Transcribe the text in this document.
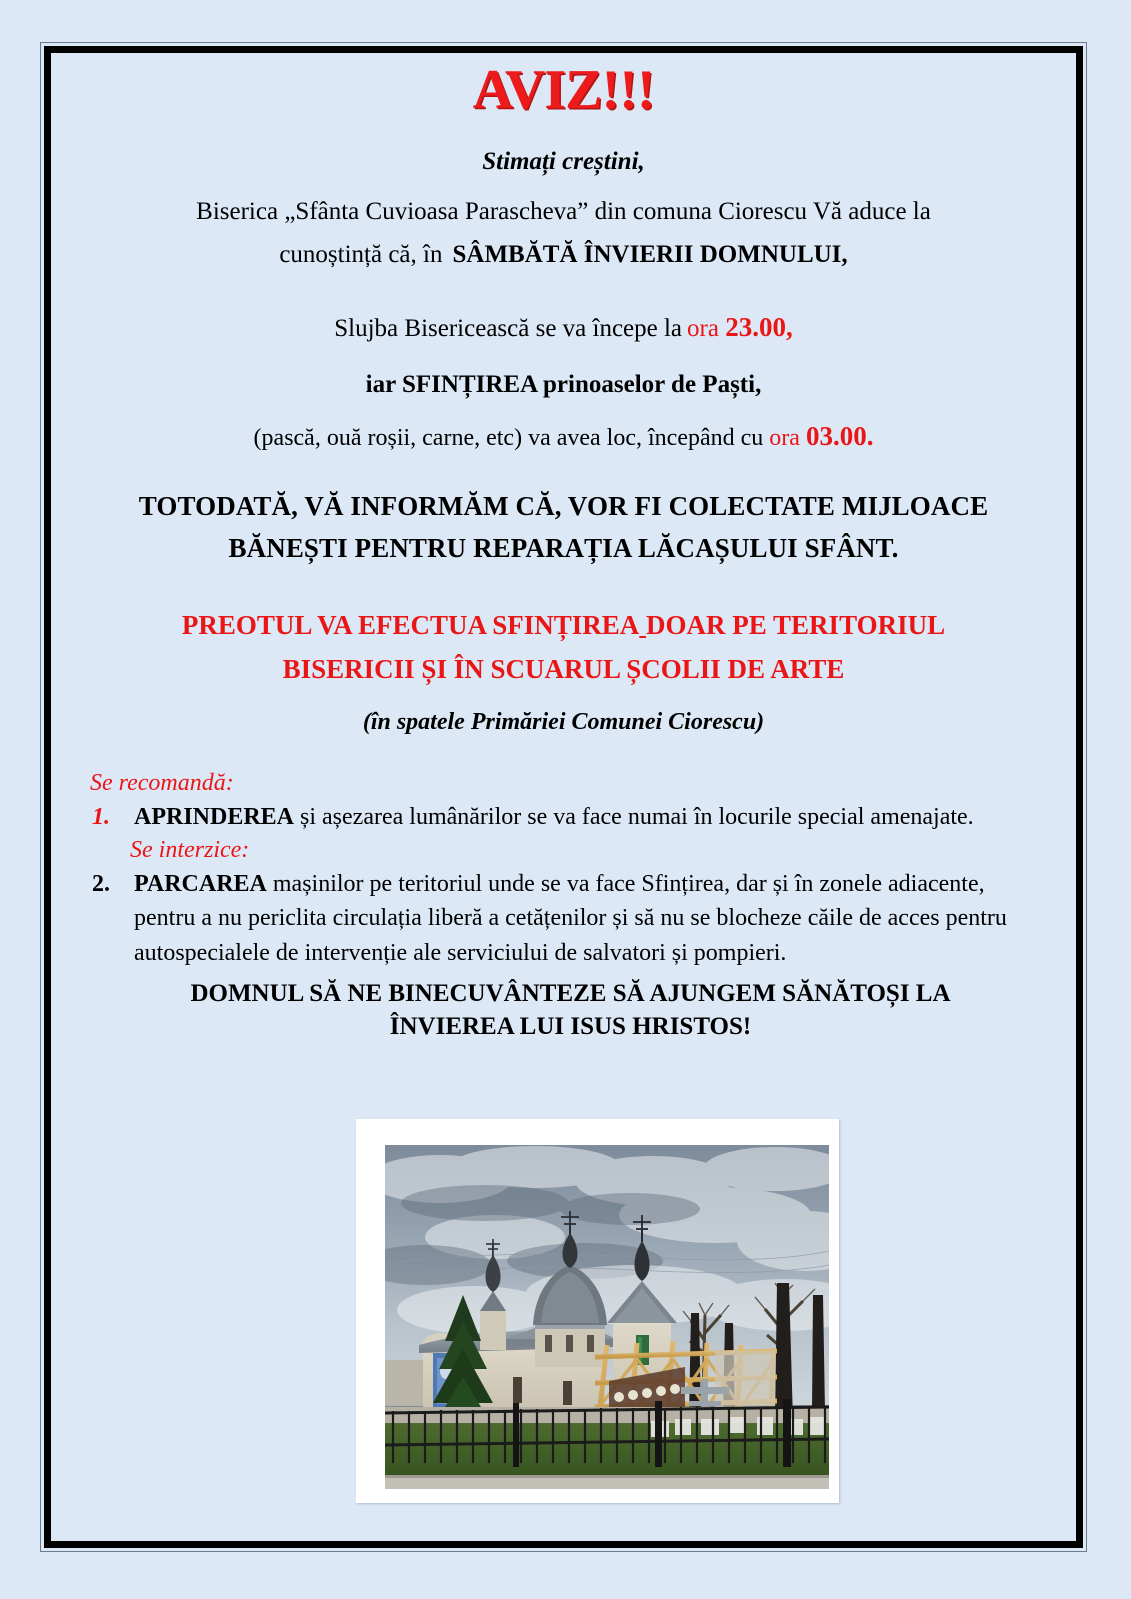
AVIZ!!!
Stimați creștini,
Biserica „Sfânta Cuvioasa Parascheva” din comuna Ciorescu Vă aduce la
cunoștință că, în SÂMBĂTĂ ÎNVIERII DOMNULUI,
Slujba Bisericească se va începe la ora 23.00,
iar SFINȚIREA prinoaselor de Paști,
(pască, ouă roșii, carne, etc) va avea loc, începând cu ora 03.00.
TOTODATĂ, VĂ INFORMĂM CĂ, VOR FI COLECTATE MIJLOACE
BĂNEȘTI PENTRU REPARAȚIA LĂCAȘULUI SFÂNT.
PREOTUL VA EFECTUA SFINȚIREA DOAR PE TERITORIUL
BISERICII ȘI ÎN SCUARUL ȘCOLII DE ARTE
(în spatele Primăriei Comunei Ciorescu)
Se recomandă:
1. APRINDEREA și așezarea lumânărilor se va face numai în locurile special amenajate.
Se interzice:
2. PARCAREA mașinilor pe teritoriul unde se va face Sfințirea, dar și în zonele adiacente, pentru a nu periclita circulația liberă a cetățenilor și să nu se blocheze căile de acces pentru autospecialele de intervenție ale serviciului de salvatori și pompieri.
DOMNUL SĂ NE BINECUVÂNTEZE SĂ AJUNGEM SĂNĂTOȘI LA
ÎNVIEREA LUI ISUS HRISTOS!
